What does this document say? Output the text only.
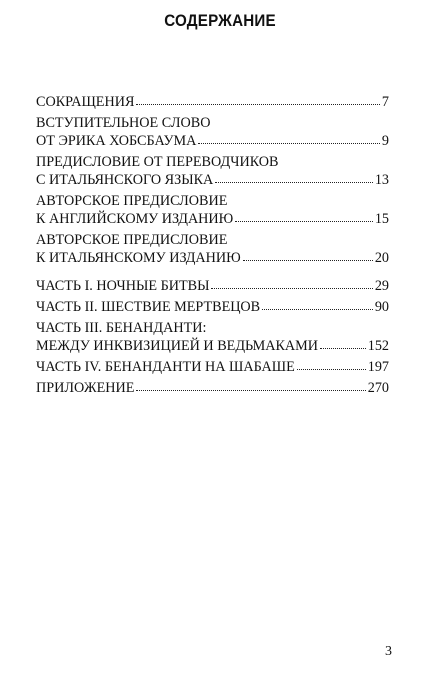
СОДЕРЖАНИЕ
СОКРАЩЕНИЯ	7
ВСТУПИТЕЛЬНОЕ СЛОВО
ОТ ЭРИКА ХОБСБАУМА	9
ПРЕДИСЛОВИЕ ОТ ПЕРЕВОДЧИКОВ
С ИТАЛЬЯНСКОГО ЯЗЫКА	13
АВТОРСКОЕ ПРЕДИСЛОВИЕ
К АНГЛИЙСКОМУ ИЗДАНИЮ	15
АВТОРСКОЕ ПРЕДИСЛОВИЕ
К ИТАЛЬЯНСКОМУ ИЗДАНИЮ	20
ЧАСТЬ I. НОЧНЫЕ БИТВЫ	29
ЧАСТЬ II. ШЕСТВИЕ МЕРТВЕЦОВ	90
ЧАСТЬ III. БЕНАНДАНТИ:
МЕЖДУ ИНКВИЗИЦИЕЙ И ВЕДЬМАКАМИ	152
ЧАСТЬ IV. БЕНАНДАНТИ НА ШАБАШЕ	197
ПРИЛОЖЕНИЕ	270
3
